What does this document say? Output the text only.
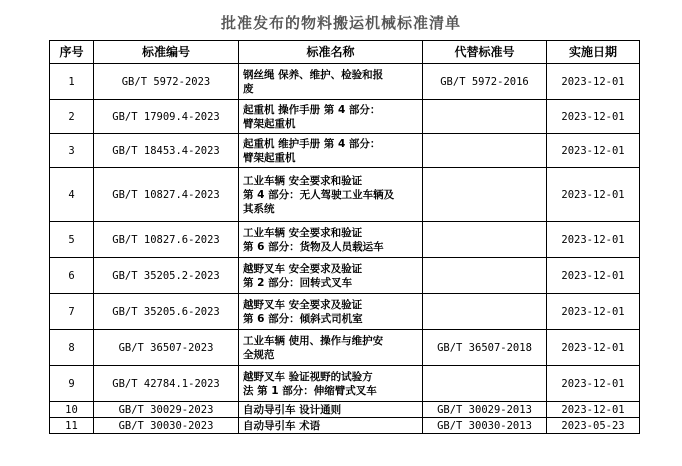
批准发布的物料搬运机械标准清单
序号	标准编号	标准名称	代替标准号	实施日期
1	GB/T 5972-2023	钢丝绳 保养、维护、检验和报
废	GB/T 5972-2016	2023-12-01
2	GB/T 17909.4-2023	起重机 操作手册 第 4 部分：
臂架起重机		2023-12-01
3	GB/T 18453.4-2023	起重机 维护手册 第 4 部分：
臂架起重机		2023-12-01
4	GB/T 10827.4-2023	工业车辆 安全要求和验证
第 4 部分：无人驾驶工业车辆及
其系统		2023-12-01
5	GB/T 10827.6-2023	工业车辆 安全要求和验证
第 6 部分：货物及人员载运车		2023-12-01
6	GB/T 35205.2-2023	越野叉车 安全要求及验证
第 2 部分：回转式叉车		2023-12-01
7	GB/T 35205.6-2023	越野叉车 安全要求及验证
第 6 部分：倾斜式司机室		2023-12-01
8	GB/T 36507-2023	工业车辆 使用、操作与维护安
全规范	GB/T 36507-2018	2023-12-01
9	GB/T 42784.1-2023	越野叉车 验证视野的试验方
法 第 1 部分：伸缩臂式叉车		2023-12-01
10	GB/T 30029-2023	自动导引车 设计通则	GB/T 30029-2013	2023-12-01
11	GB/T 30030-2023	自动导引车 术语	GB/T 30030-2013	2023-05-23
